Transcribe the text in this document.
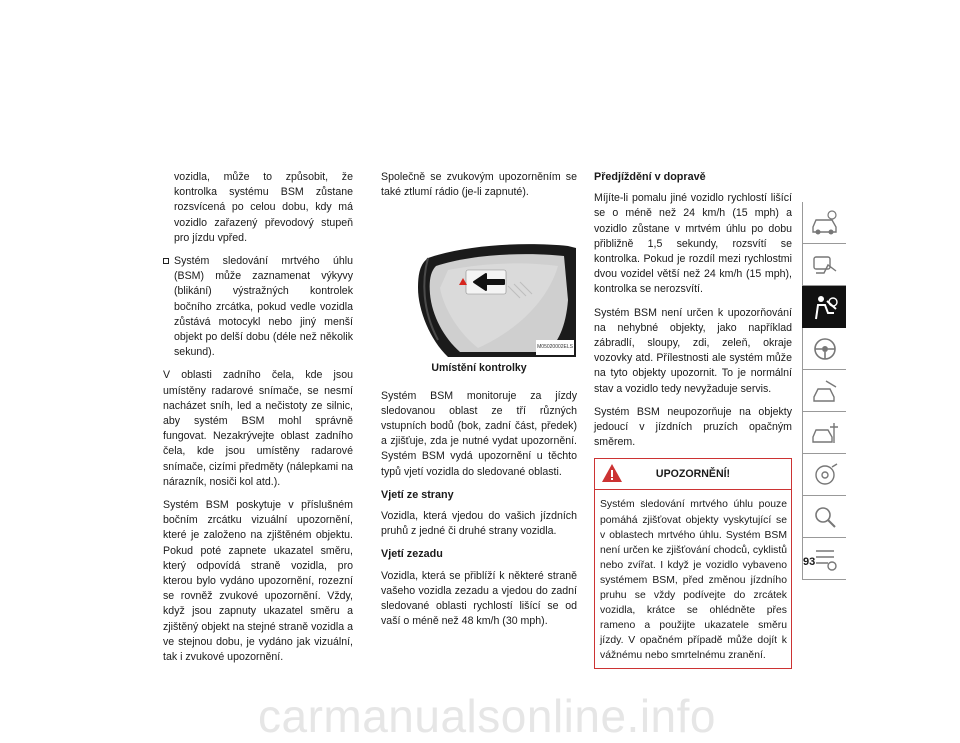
vozidla, může to způsobit, že kontrolka systému BSM zůstane rozsvícená po celou dobu, kdy má vozidlo zařazený převodový stupeň pro jízdu vpřed.

Systém sledování mrtvého úhlu (BSM) může zaznamenat výkyvy (blikání) výstražných kontrolek bočního zrcátka, pokud vedle vozidla zůstává motocykl nebo jiný menší objekt po delší dobu (déle než několik sekund).

V oblasti zadního čela, kde jsou umístěny radarové snímače, se nesmí nacházet sníh, led a nečistoty ze silnic, aby systém BSM mohl správně fungovat. Nezakrývejte oblast zadního čela, kde jsou umístěny radarové snímače, cizími předměty (nálepkami na nárazník, nosiči kol atd.).

Systém BSM poskytuje v příslušném bočním zrcátku vizuální upozornění, které je založeno na zjištěném objektu. Pokud poté zapnete ukazatel směru, který odpovídá straně vozidla, pro kterou bylo vydáno upozornění, rozezní se rovněž zvukové upozornění. Vždy, když jsou zapnuty ukazatel směru a zjištěný objekt na stejné straně vozidla a ve stejnou dobu, je vydáno jak vizuální, tak i zvukové upozornění.

Společně se zvukovým upozorněním se také ztlumí rádio (je-li zapnuté).

M05020002ELS

Umístění kontrolky

Systém BSM monitoruje za jízdy sledovanou oblast ze tří různých vstupních bodů (bok, zadní část, předek) a zjišťuje, zda je nutné vydat upozornění. Systém BSM vydá upozornění u těchto typů vjetí vozidla do sledované oblasti.

Vjetí ze strany

Vozidla, která vjedou do vašich jízdních pruhů z jedné či druhé strany vozidla.

Vjetí zezadu

Vozidla, která se přiblíží k některé straně vašeho vozidla zezadu a vjedou do zadní sledované oblasti rychlostí lišící se od vaší o méně než 48 km/h (30 mph).

Předjíždění v dopravě

Míjíte-li pomalu jiné vozidlo rychlostí lišící se o méně než 24 km/h (15 mph) a vozidlo zůstane v mrtvém úhlu po dobu přibližně 1,5 sekundy, rozsvítí se kontrolka. Pokud je rozdíl mezi rychlostmi dvou vozidel větší než 24 km/h (15 mph), kontrolka se nerozsvítí.

Systém BSM není určen k upozorňování na nehybné objekty, jako například zábradlí, sloupy, zdi, zeleň, okraje vozovky atd. Přílestnosti ale systém může na tyto objekty upozornit. To je normální stav a vozidlo tedy nevyžaduje servis.

Systém BSM neupozorňuje na objekty jedoucí v jízdních pruzích opačným směrem.

UPOZORNĚNÍ!
Systém sledování mrtvého úhlu pouze pomáhá zjišťovat objekty vyskytující se v oblastech mrtvého úhlu. Systém BSM není určen ke zjišťování chodců, cyklistů nebo zvířat. I když je vozidlo vybaveno systémem BSM, před změnou jízdního pruhu se vždy podívejte do zrcátek vozidla, krátce se ohlédněte přes rameno a použijte ukazatele směru jízdy. V opačném případě může dojít k vážnému nebo smrtelnému zranění.
93
carmanualsonline.info
